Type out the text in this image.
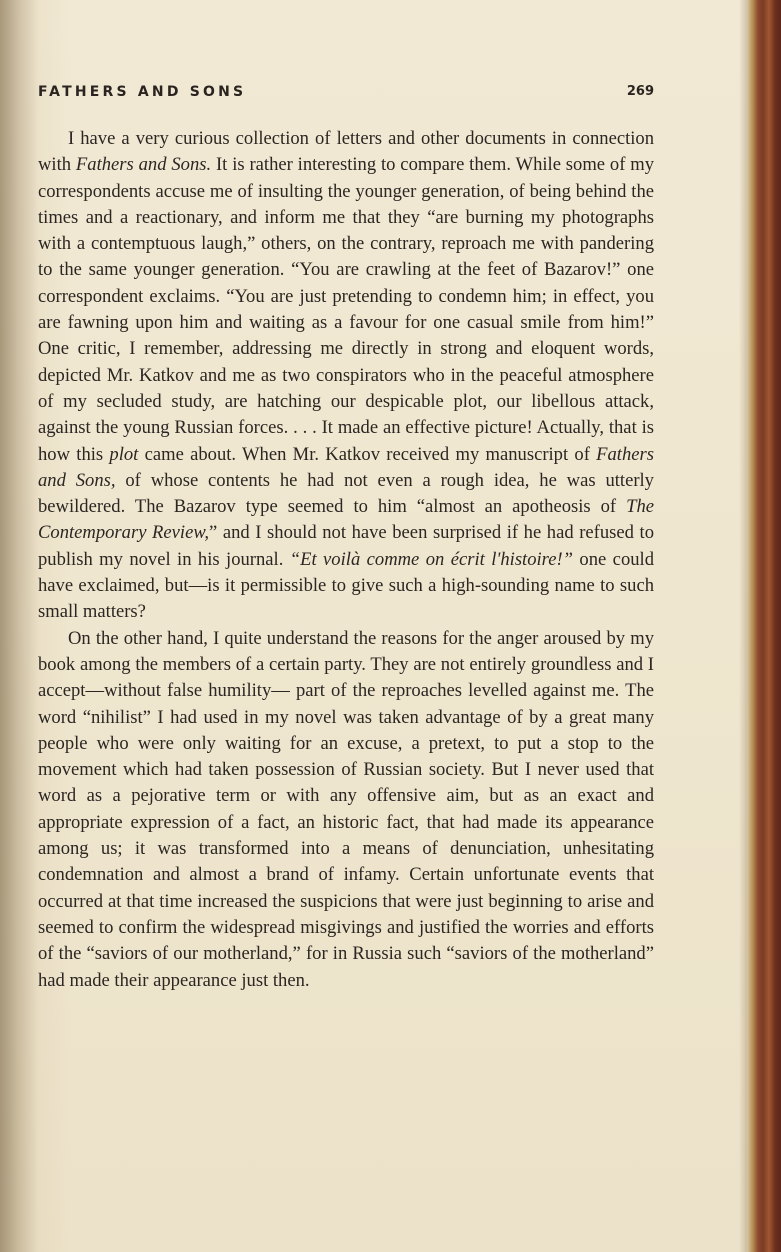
FATHERS AND SONS	269

I have a very curious collection of letters and other documents in connection with Fathers and Sons. It is rather interesting to compare them. While some of my correspondents accuse me of insulting the younger generation, of being behind the times and a reactionary, and inform me that they “are burning my photographs with a contemptuous laugh,” others, on the contrary, reproach me with pandering to the same younger generation. “You are crawling at the feet of Bazarov!” one correspondent exclaims. “You are just pretending to condemn him; in effect, you are fawning upon him and waiting as a favour for one casual smile from him!” One critic, I remember, addressing me directly in strong and eloquent words, depicted Mr. Katkov and me as two conspirators who in the peaceful atmosphere of my secluded study, are hatching our despicable plot, our libellous attack, against the young Russian forces. . . . It made an effective picture! Actually, that is how this plot came about. When Mr. Katkov received my manuscript of Fathers and Sons, of whose contents he had not even a rough idea, he was utterly bewildered. The Bazarov type seemed to him “almost an apotheosis of The Contemporary Review,” and I should not have been surprised if he had refused to publish my novel in his journal. “Et voilà comme on écrit l'histoire!” one could have exclaimed, but—is it permissible to give such a high-sounding name to such small matters?

On the other hand, I quite understand the reasons for the anger aroused by my book among the members of a certain party. They are not entirely groundless and I accept—without false humility— part of the reproaches levelled against me. The word “nihilist” I had used in my novel was taken advantage of by a great many people who were only waiting for an excuse, a pretext, to put a stop to the movement which had taken possession of Russian society. But I never used that word as a pejorative term or with any offensive aim, but as an exact and appropriate expression of a fact, an historic fact, that had made its appearance among us; it was transformed into a means of denunciation, unhesitating condemnation and almost a brand of infamy. Certain unfortunate events that occurred at that time increased the suspicions that were just beginning to arise and seemed to confirm the widespread misgivings and justified the worries and efforts of the “saviors of our motherland,” for in Russia such “saviors of the motherland” had made their appearance just then.
